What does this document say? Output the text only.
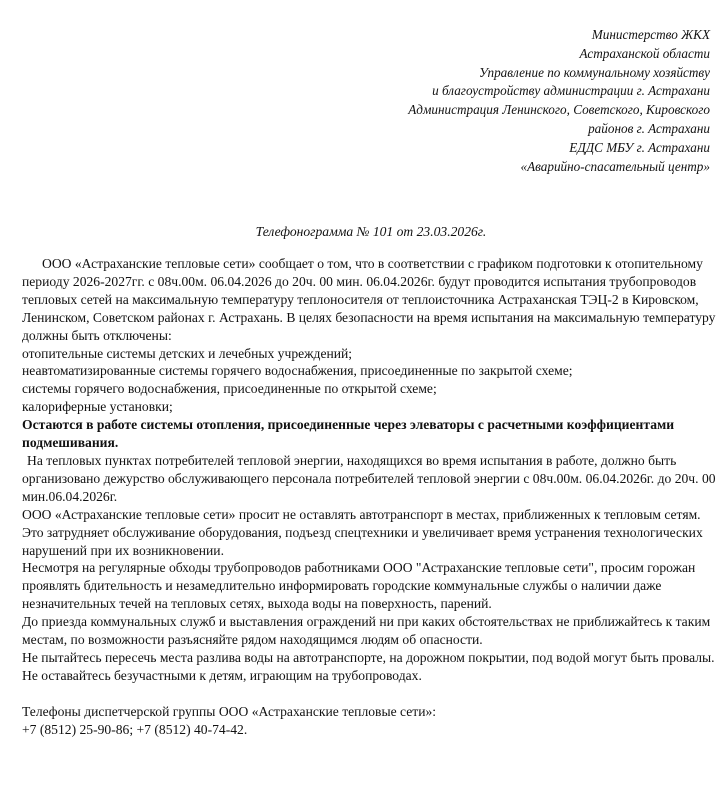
Министерство ЖКХ
Астраханской области
Управление по коммунальному хозяйству
и благоустройству администрации г. Астрахани
Администрация Ленинского, Советского, Кировского
районов г. Астрахани
ЕДДС МБУ г. Астрахани
«Аварийно-спасательный центр»
Телефонограмма № 101 от 23.03.2026г.

ООО «Астраханские тепловые сети» сообщает о том, что в соответствии с графиком подготовки к отопительному периоду 2026-2027гг. с 08ч.00м. 06.04.2026 до 20ч. 00 мин. 06.04.2026г. будут проводится испытания трубопроводов тепловых сетей на максимальную температуру теплоносителя от теплоисточника Астраханская ТЭЦ-2 в Кировском, Ленинском, Советском районах г. Астрахань. В целях безопасности на время испытания на максимальную температуру должны быть отключены:

отопительные системы детских и лечебных учреждений;

неавтоматизированные системы горячего водоснабжения, присоединенные по закрытой схеме;

системы горячего водоснабжения, присоединенные по открытой схеме;

калориферные установки;

Остаются в работе системы отопления, присоединенные через элеваторы с расчетными коэффициентами подмешивания.

На тепловых пунктах потребителей тепловой энергии, находящихся во время испытания в работе, должно быть организовано дежурство обслуживающего персонала потребителей тепловой энергии с 08ч.00м. 06.04.2026г. до 20ч. 00 мин.06.04.2026г.

ООО «Астраханские тепловые сети» просит не оставлять автотранспорт в местах, приближенных к тепловым сетям. Это затрудняет обслуживание оборудования, подъезд спецтехники и увеличивает время устранения технологических нарушений при их возникновении.

Несмотря на регулярные обходы трубопроводов работниками ООО "Астраханские тепловые сети", просим горожан проявлять бдительность и незамедлительно информировать городские коммунальные службы о наличии даже незначительных течей на тепловых сетях, выхода воды на поверхность, парений.

До приезда коммунальных служб и выставления ограждений ни при каких обстоятельствах не приближайтесь к таким местам, по возможности разъясняйте рядом находящимся людям об опасности.

Не пытайтесь пересечь места разлива воды на автотранспорте, на дорожном покрытии, под водой могут быть провалы.

Не оставайтесь безучастными к детям, играющим на трубопроводах.

Телефоны диспетчерской группы ООО «Астраханские тепловые сети»:

+7 (8512) 25-90-86; +7 (8512) 40-74-42.
